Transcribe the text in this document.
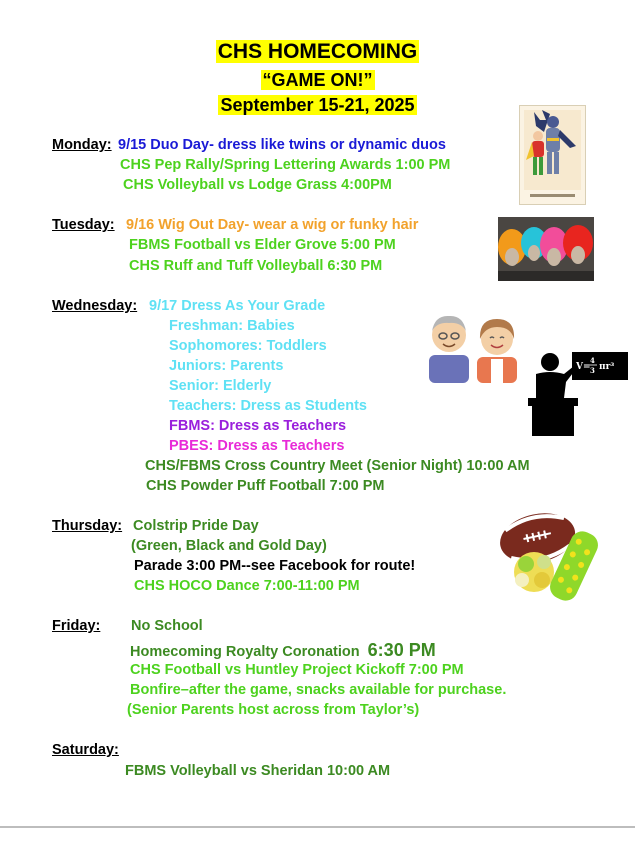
CHS HOMECOMING
“GAME ON!”
September 15-21, 2025
Monday: 9/15 Duo Day- dress like twins or dynamic duos
CHS Pep Rally/Spring Lettering Awards 1:00 PM
CHS Volleyball vs Lodge Grass 4:00PM
Tuesday: 9/16 Wig Out Day- wear a wig or funky hair
FBMS Football vs Elder Grove 5:00 PM
CHS Ruff and Tuff Volleyball 6:30 PM
Wednesday: 9/17 Dress As Your Grade
Freshman: Babies
Sophomores: Toddlers
Juniors: Parents
Senior: Elderly
Teachers: Dress as Students
FBMS: Dress as Teachers
PBES: Dress as Teachers
CHS/FBMS Cross Country Meet (Senior Night) 10:00 AM
CHS Powder Puff Football 7:00 PM
Thursday: Colstrip Pride Day
(Green, Black and Gold Day)
Parade 3:00 PM--see Facebook for route!
CHS HOCO Dance 7:00-11:00 PM
Friday: No School
Homecoming Royalty Coronation 6:30 PM
CHS Football vs Huntley Project Kickoff 7:00 PM
Bonfire–after the game, snacks available for purchase.
(Senior Parents host across from Taylor’s)
Saturday:
FBMS Volleyball vs Sheridan 10:00 AM
V=
4
3 πr³
